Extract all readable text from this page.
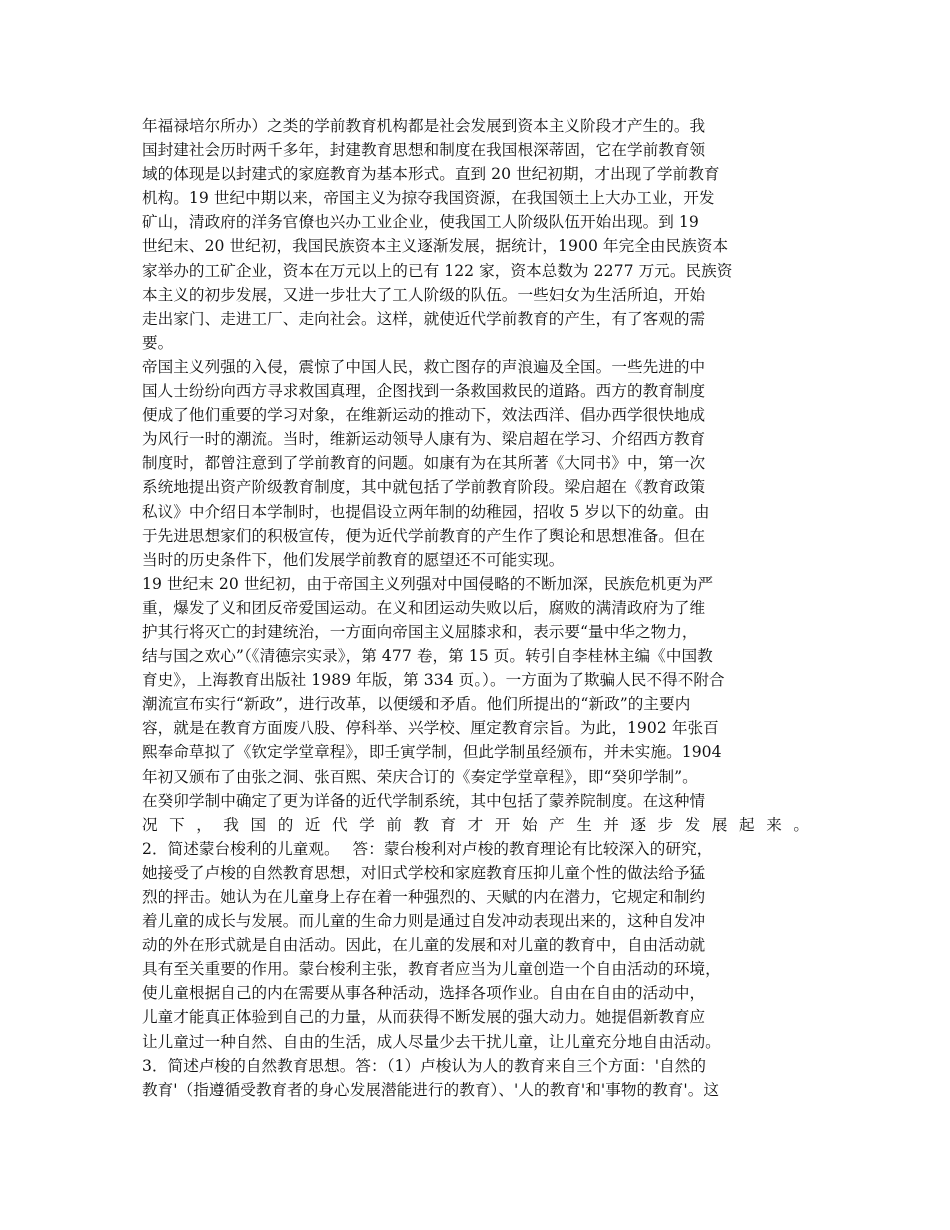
年福禄培尔所办）之类的学前教育机构都是社会发展到资本主义阶段才产生的。我
国封建社会历时两千多年，封建教育思想和制度在我国根深蒂固，它在学前教育领
域的体现是以封建式的家庭教育为基本形式。直到 20 世纪初期，才出现了学前教育
机构。19 世纪中期以来，帝国主义为掠夺我国资源，在我国领土上大办工业，开发
矿山，清政府的洋务官僚也兴办工业企业，使我国工人阶级队伍开始出现。到 19
世纪末、20 世纪初，我国民族资本主义逐渐发展，据统计，1900 年完全由民族资本
家举办的工矿企业，资本在万元以上的已有 122 家，资本总数为 2277 万元。民族资
本主义的初步发展，又进一步壮大了工人阶级的队伍。一些妇女为生活所迫，开始
走出家门、走进工厂、走向社会。这样，就使近代学前教育的产生，有了客观的需
要。
帝国主义列强的入侵，震惊了中国人民，救亡图存的声浪遍及全国。一些先进的中
国人士纷纷向西方寻求救国真理，企图找到一条救国救民的道路。西方的教育制度
便成了他们重要的学习对象，在维新运动的推动下，效法西洋、倡办西学很快地成
为风行一时的潮流。当时，维新运动领导人康有为、梁启超在学习、介绍西方教育
制度时，都曾注意到了学前教育的问题。如康有为在其所著《大同书》中，第一次
系统地提出资产阶级教育制度，其中就包括了学前教育阶段。梁启超在《教育政策
私议》中介绍日本学制时，也提倡设立两年制的幼稚园，招收 5 岁以下的幼童。由
于先进思想家们的积极宣传，便为近代学前教育的产生作了舆论和思想准备。但在
当时的历史条件下，他们发展学前教育的愿望还不可能实现。
19 世纪末 20 世纪初，由于帝国主义列强对中国侵略的不断加深，民族危机更为严
重，爆发了义和团反帝爱国运动。在义和团运动失败以后，腐败的满清政府为了维
护其行将灭亡的封建统治，一方面向帝国主义屈膝求和，表示要“量中华之物力，
结与国之欢心”（《清德宗实录》，第 477 卷，第 15 页。转引自李桂林主编《中国教
育史》，上海教育出版社 1989 年版，第 334 页。）。一方面为了欺骗人民不得不附合
潮流宣布实行“新政”，进行改革，以便缓和矛盾。他们所提出的“新政”的主要内
容，就是在教育方面废八股、停科举、兴学校、厘定教育宗旨。为此，1902 年张百
熙奉命草拟了《钦定学堂章程》，即壬寅学制，但此学制虽经颁布，并未实施。1904
年初又颁布了由张之洞、张百熙、荣庆合订的《奏定学堂章程》，即“癸卯学制”。
在癸卯学制中确定了更为详备的近代学制系统，其中包括了蒙养院制度。在这种情
况下，我国的近代学前教育才开始产生并逐步发展起来。
2．简述蒙台梭利的儿童观。　 答：蒙台梭利对卢梭的教育理论有比较深入的研究，
她接受了卢梭的自然教育思想，对旧式学校和家庭教育压抑儿童个性的做法给予猛
烈的抨击。她认为在儿童身上存在着一种强烈的、天赋的内在潜力，它规定和制约
着儿童的成长与发展。而儿童的生命力则是通过自发冲动表现出来的，这种自发冲
动的外在形式就是自由活动。因此，在儿童的发展和对儿童的教育中，自由活动就
具有至关重要的作用。蒙台梭利主张，教育者应当为儿童创造一个自由活动的环境，
使儿童根据自己的内在需要从事各种活动，选择各项作业。自由在自由的活动中，
儿童才能真正体验到自己的力量，从而获得不断发展的强大动力。她提倡新教育应
让儿童过一种自然、自由的生活，成人尽量少去干扰儿童，让儿童充分地自由活动。
3．简述卢梭的自然教育思想。答：（1）卢梭认为人的教育来自三个方面：'自然的
教育'（指遵循受教育者的身心发展潜能进行的教育）、'人的教育'和'事物的教育'。这
